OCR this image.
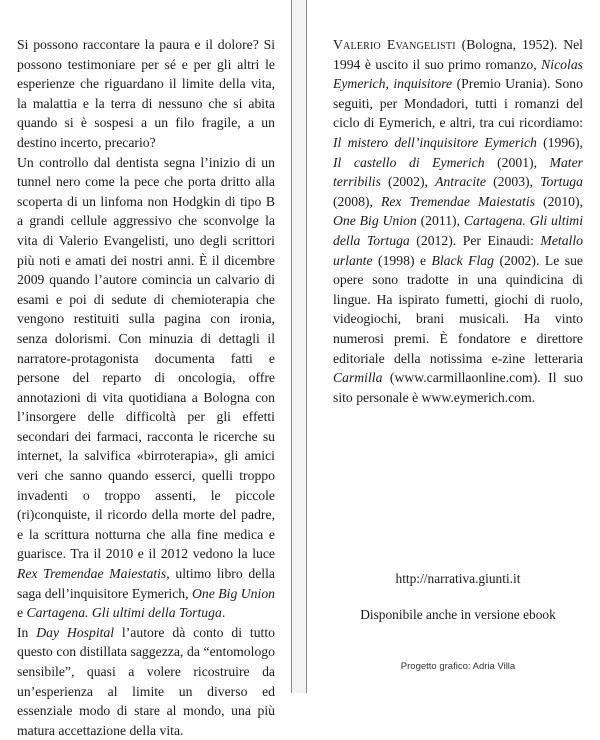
Si possono raccontare la paura e il dolore? Si possono testimoniare per sé e per gli altri le esperienze che riguardano il limite della vita, la malattia e la terra di nessuno che si abita quando si è sospesi a un filo fragile, a un destino incerto, precario?

Un controllo dal dentista segna l’inizio di un tunnel nero come la pece che porta dritto alla scoperta di un linfoma non Hodgkin di tipo B a grandi cellule aggressivo che sconvolge la vita di Valerio Evangelisti, uno degli scrittori più noti e amati dei nostri anni. È il dicembre 2009 quando l’autore comincia un calvario di esami e poi di sedute di chemioterapia che vengono restituiti sulla pagina con ironia, senza dolorismi. Con minuzia di dettagli il narratore-protagonista documenta fatti e persone del reparto di oncologia, offre annotazioni di vita quotidiana a Bologna con l’insorgere delle difficoltà per gli effetti secondari dei farmaci, racconta le ricerche su internet, la salvifica «birroterapia», gli amici veri che sanno quando esserci, quelli troppo invadenti o troppo assenti, le piccole (ri)conquiste, il ricordo della morte del padre, e la scrittura notturna che alla fine medica e guarisce. Tra il 2010 e il 2012 vedono la luce Rex Tremendae Maiestatis, ultimo libro della saga dell’inquisitore Eymerich, One Big Union e Cartagena. Gli ultimi della Tortuga.

In Day Hospital l’autore dà conto di tutto questo con distillata saggezza, da “entomologo sensibile”, quasi a volere ricostruire da un’esperienza al limite un diverso ed essenziale modo di stare al mondo, una più matura accettazione della vita.

Valerio Evangelisti (Bologna, 1952). Nel 1994 è uscito il suo primo romanzo, Nicolas Eymerich, inquisitore (Premio Urania). Sono seguiti, per Mondadori, tutti i romanzi del ciclo di Eymerich, e altri, tra cui ricordiamo: Il mistero dell’inquisitore Eymerich (1996), Il castello di Eymerich (2001), Mater terribilis (2002), Antracite (2003), Tortuga (2008), Rex Tremendae Maiestatis (2010), One Big Union (2011), Cartagena. Gli ultimi della Tortuga (2012). Per Einaudi: Metallo urlante (1998) e Black Flag (2002). Le sue opere sono tradotte in una quindicina di lingue. Ha ispirato fumetti, giochi di ruolo, videogiochi, brani musicali. Ha vinto numerosi premi. È fondatore e direttore editoriale della notissima e-zine letteraria Carmilla (www.carmillaonline.com). Il suo sito personale è www.eymerich.com.

http://narrativa.giunti.it
Disponibile anche in versione ebook
Progetto grafico: Adria Villa
